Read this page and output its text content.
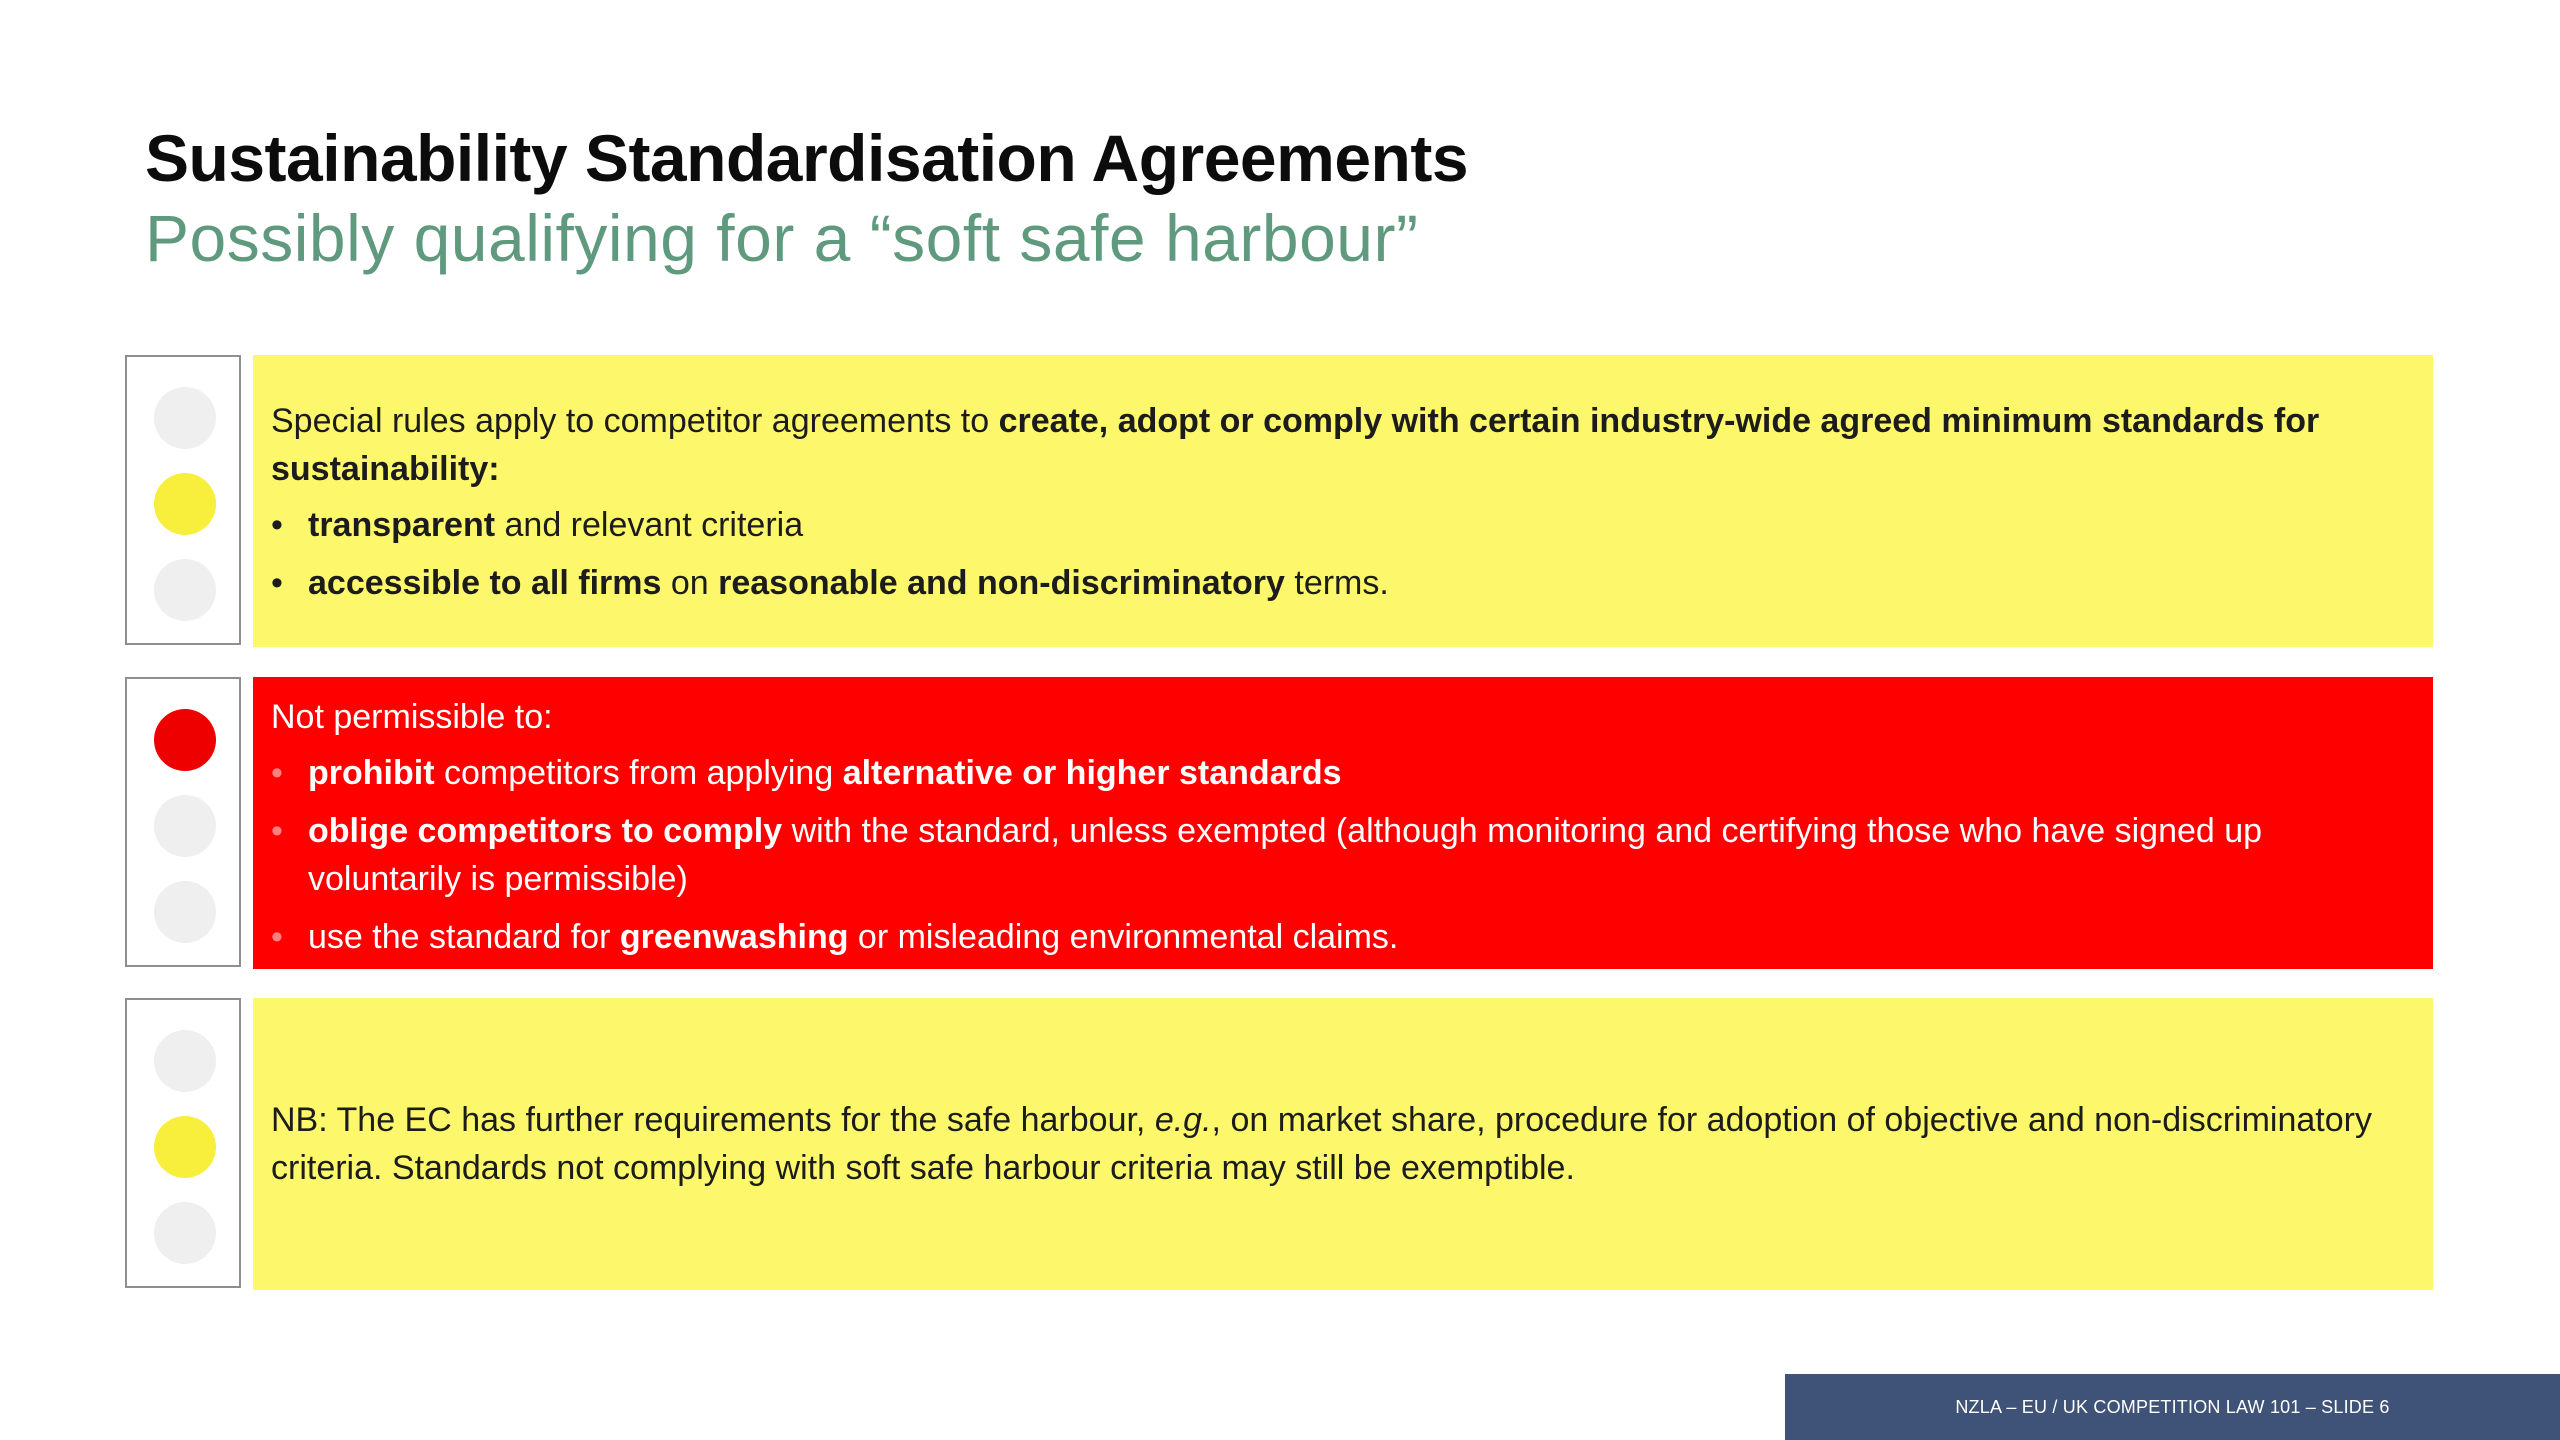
Sustainability Standardisation Agreements
Possibly qualifying for a “soft safe harbour”

Special rules apply to competitor agreements to create, adopt or comply with certain industry-wide agreed minimum standards for sustainability:

• transparent and relevant criteria
• accessible to all firms on reasonable and non-discriminatory terms.

Not permissible to:

• prohibit competitors from applying alternative or higher standards
• oblige competitors to comply with the standard, unless exempted (although monitoring and certifying those who have signed up voluntarily is permissible)
• use the standard for greenwashing or misleading environmental claims.

NB: The EC has further requirements for the safe harbour, e.g., on market share, procedure for adoption of objective and non-discriminatory criteria. Standards not complying with soft safe harbour criteria may still be exemptible.

NZLA – EU / UK COMPETITION LAW 101 – SLIDE 6
